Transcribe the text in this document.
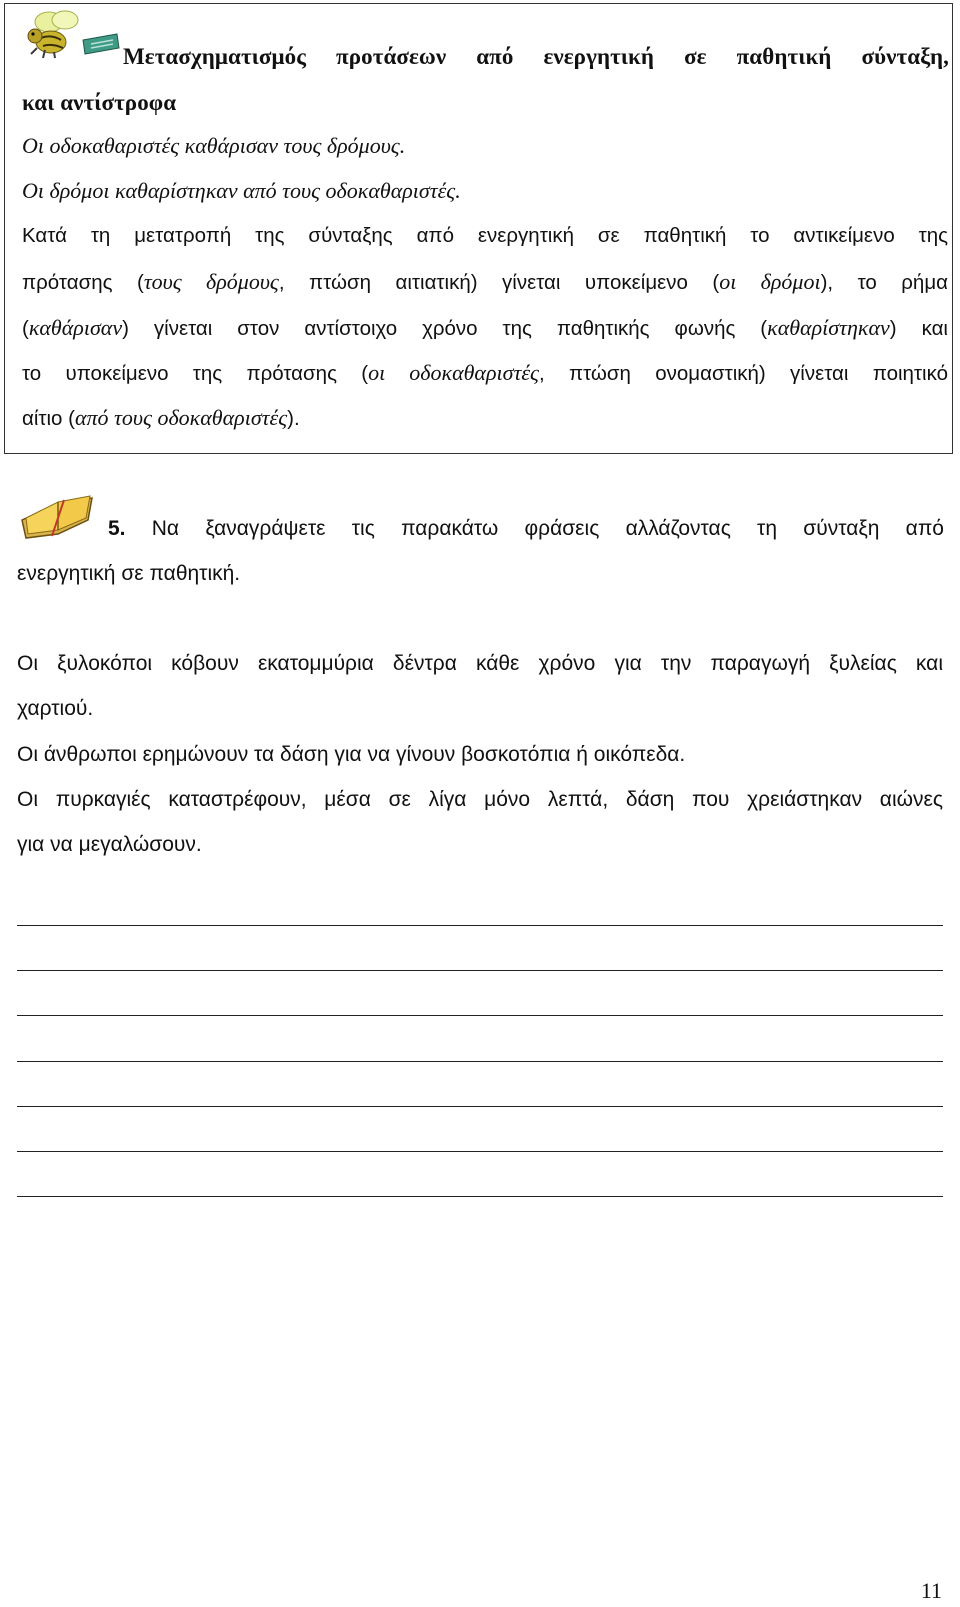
Μετασχηματισμός προτάσεων από ενεργητική σε παθητική σύνταξη,
και αντίστροφα
Οι οδοκαθαριστές καθάρισαν τους δρόμους.
Οι δρόμοι καθαρίστηκαν από τους οδοκαθαριστές.
Κατά τη μετατροπή της σύνταξης από ενεργητική σε παθητική το αντικείμενο της
πρότασης (τους δρόμους, πτώση αιτιατική) γίνεται υποκείμενο (οι δρόμοι), το ρήμα
(καθάρισαν) γίνεται στον αντίστοιχο χρόνο της παθητικής φωνής (καθαρίστηκαν) και
το υποκείμενο της πρότασης (οι οδοκαθαριστές, πτώση ονομαστική) γίνεται ποιητικό
αίτιο (από τους οδοκαθαριστές).
5. Να ξαναγράψετε τις παρακάτω φράσεις αλλάζοντας τη σύνταξη από
ενεργητική σε παθητική.
Οι ξυλοκόποι κόβουν εκατομμύρια δέντρα κάθε χρόνο για την παραγωγή ξυλείας και
χαρτιού.
Οι άνθρωποι ερημώνουν τα δάση για να γίνουν βοσκοτόπια ή οικόπεδα.
Οι πυρκαγιές καταστρέφουν, μέσα σε λίγα μόνο λεπτά, δάση που χρειάστηκαν αιώνες
για να μεγαλώσουν.
11
